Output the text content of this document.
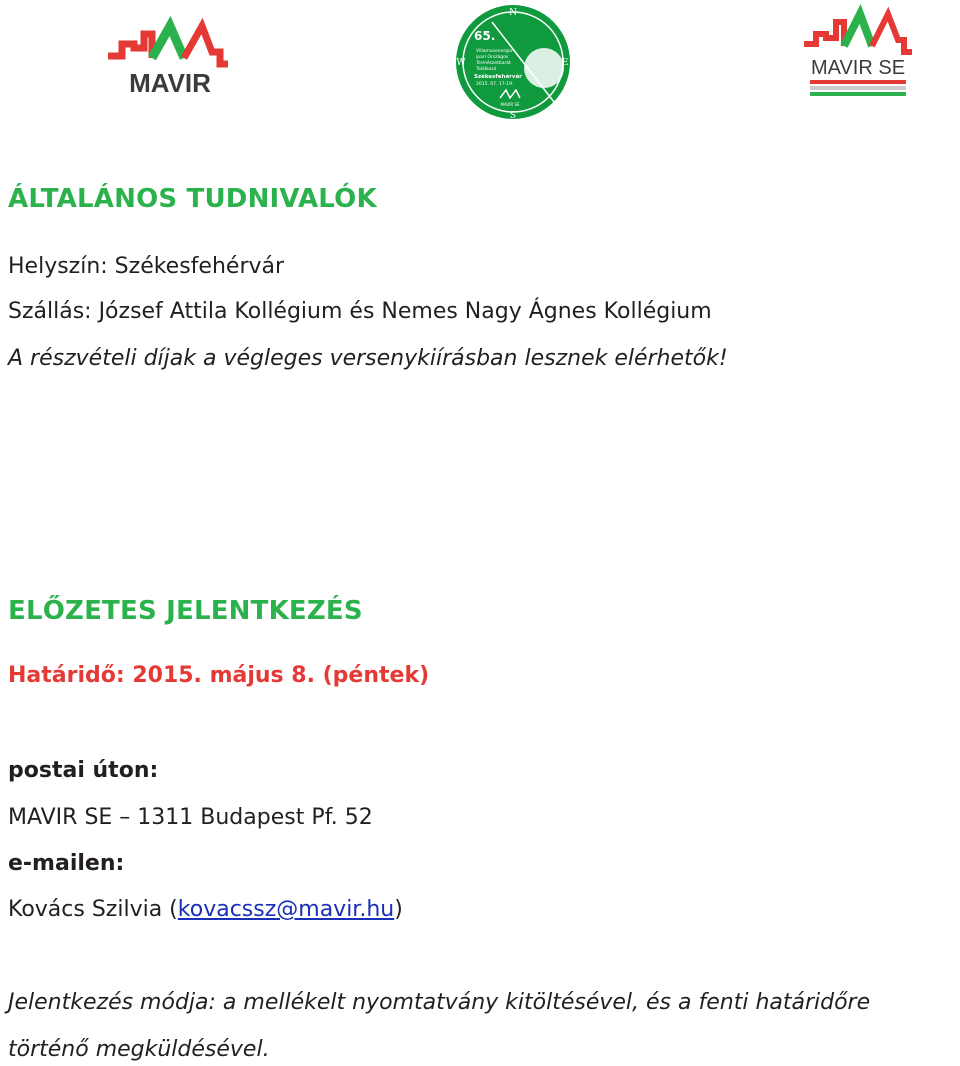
MAVIR
N
S
W	E
65.
Villamosenergia-
ipari Országos
Természetbarát
Találkozó
Székesfehérvár
2015. 07. 17-19.
MAVIR SE
MAVIR SE
ÁLTALÁNOS TUDNIVALÓK

Helyszín: Székesfehérvár

Szállás: József Attila Kollégium és Nemes Nagy Ágnes Kollégium

A részvételi díjak a végleges versenykiírásban lesznek elérhetők!

ELŐZETES JELENTKEZÉS

Határidő: 2015. május 8. (péntek)

postai úton:

MAVIR SE – 1311 Budapest Pf. 52

e-mailen:

Kovács Szilvia (kovacssz@mavir.hu)

Jelentkezés módja: a mellékelt nyomtatvány kitöltésével, és a fenti határidőre

történő megküldésével.
